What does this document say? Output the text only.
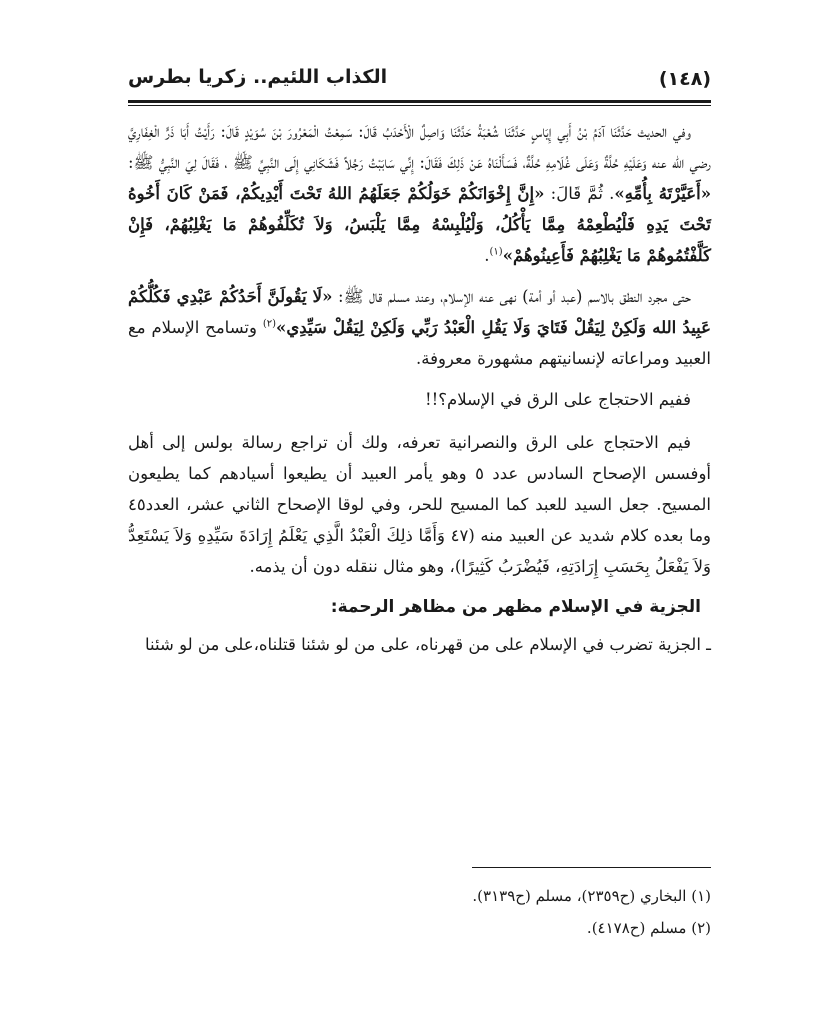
(١٤٨)
الكذاب اللئيم.. زكريا بطرس

وفي الحديث حَدَّثَنَا آدَمُ بْنُ أَبِي إِيَاسٍ حَدَّثَنَا شُعْبَةُ حَدَّثَنَا وَاصِلٌ الْأَحْدَبُ قَالَ: سَمِعْتُ الْمَعْرُورَ بْنَ سُوَيْدٍ قَالَ: رَأَيْتُ أَبَا ذَرٍّ الْغِفَارِيَّ رضي الله عنه وَعَلَيْهِ حُلَّةٌ وَعَلَى غُلَامِهِ حُلَّةٌ، فَسَأَلْنَاهُ عَنْ ذَلِكَ فَقَالَ: إِنِّي سَابَبْتُ رَجُلاً فَشَكَانِي إِلَى النَّبِيِّ ﷺ ، فَقَالَ لِيَ النَّبِيُّ ﷺ: «أَعَيَّرْتَهُ بِأُمِّهِ». ثُمَّ قَالَ: «إِنَّ إِخْوَانَكُمْ خَوَلُكُمْ جَعَلَهُمُ اللهُ تَحْتَ أَيْدِيكُمْ، فَمَنْ كَانَ أَخُوهُ تَحْتَ يَدِهِ فَلْيُطْعِمْهُ مِمَّا يَأْكُلُ، وَلْيُلْبِسْهُ مِمَّا يَلْبَسُ، وَلاَ تُكَلِّفُوهُمْ مَا يَغْلِبُهُمْ، فَإِنْ كَلَّفْتُمُوهُمْ مَا يَغْلِبُهُمْ فَأَعِينُوهُمْ»$^{(١)}$.

حتى مجرد النطق بالاسم (عبد أو أمة) نهى عنه الإسلام، وعند مسلم قال ﷺ: «لَا يَقُولَنَّ أَحَدُكُمْ عَبْدِي فَكُلُّكُمْ عَبِيدُ الله وَلَكِنْ لِيَقُلْ فَتَايَ وَلَا يَقُلِ الْعَبْدُ رَبِّي وَلَكِنْ لِيَقُلْ سَيِّدِي»$^{(٢)}$ وتسامح الإسلام مع العبيد ومراعاته لإنسانيتهم مشهورة معروفة.

ففيم الاحتجاج على الرق في الإسلام؟!!

فيم الاحتجاج على الرق والنصرانية تعرفه، ولك أن تراجع رسالة بولس إلى أهل أوفسس الإصحاح السادس عدد ٥ وهو يأمر العبيد أن يطيعوا أسيادهم كما يطيعون المسيح. جعل السيد للعبد كما المسيح للحر، وفي لوقا الإصحاح الثاني عشر، العدد٤٥ وما بعده كلام شديد عن العبيد منه (٤٧ وَأَمَّا ذلِكَ الْعَبْدُ الَّذِي يَعْلَمُ إِرَادَةَ سَيِّدِهِ وَلاَ يَسْتَعِدُّ وَلاَ يَفْعَلُ بِحَسَبِ إِرَادَتِهِ، فَيُضْرَبُ كَثِيرًا)، وهو مثال ننقله دون أن يذمه.

الجزية في الإسلام مظهر من مظاهر الرحمة:

ـ الجزية تضرب في الإسلام على من قهرناه، على من لو شئنا قتلناه،على من لو شئنا

(١) البخاري (ح٢٣٥٩)، مسلم (ح٣١٣٩).

(٢) مسلم (ح٤١٧٨).
